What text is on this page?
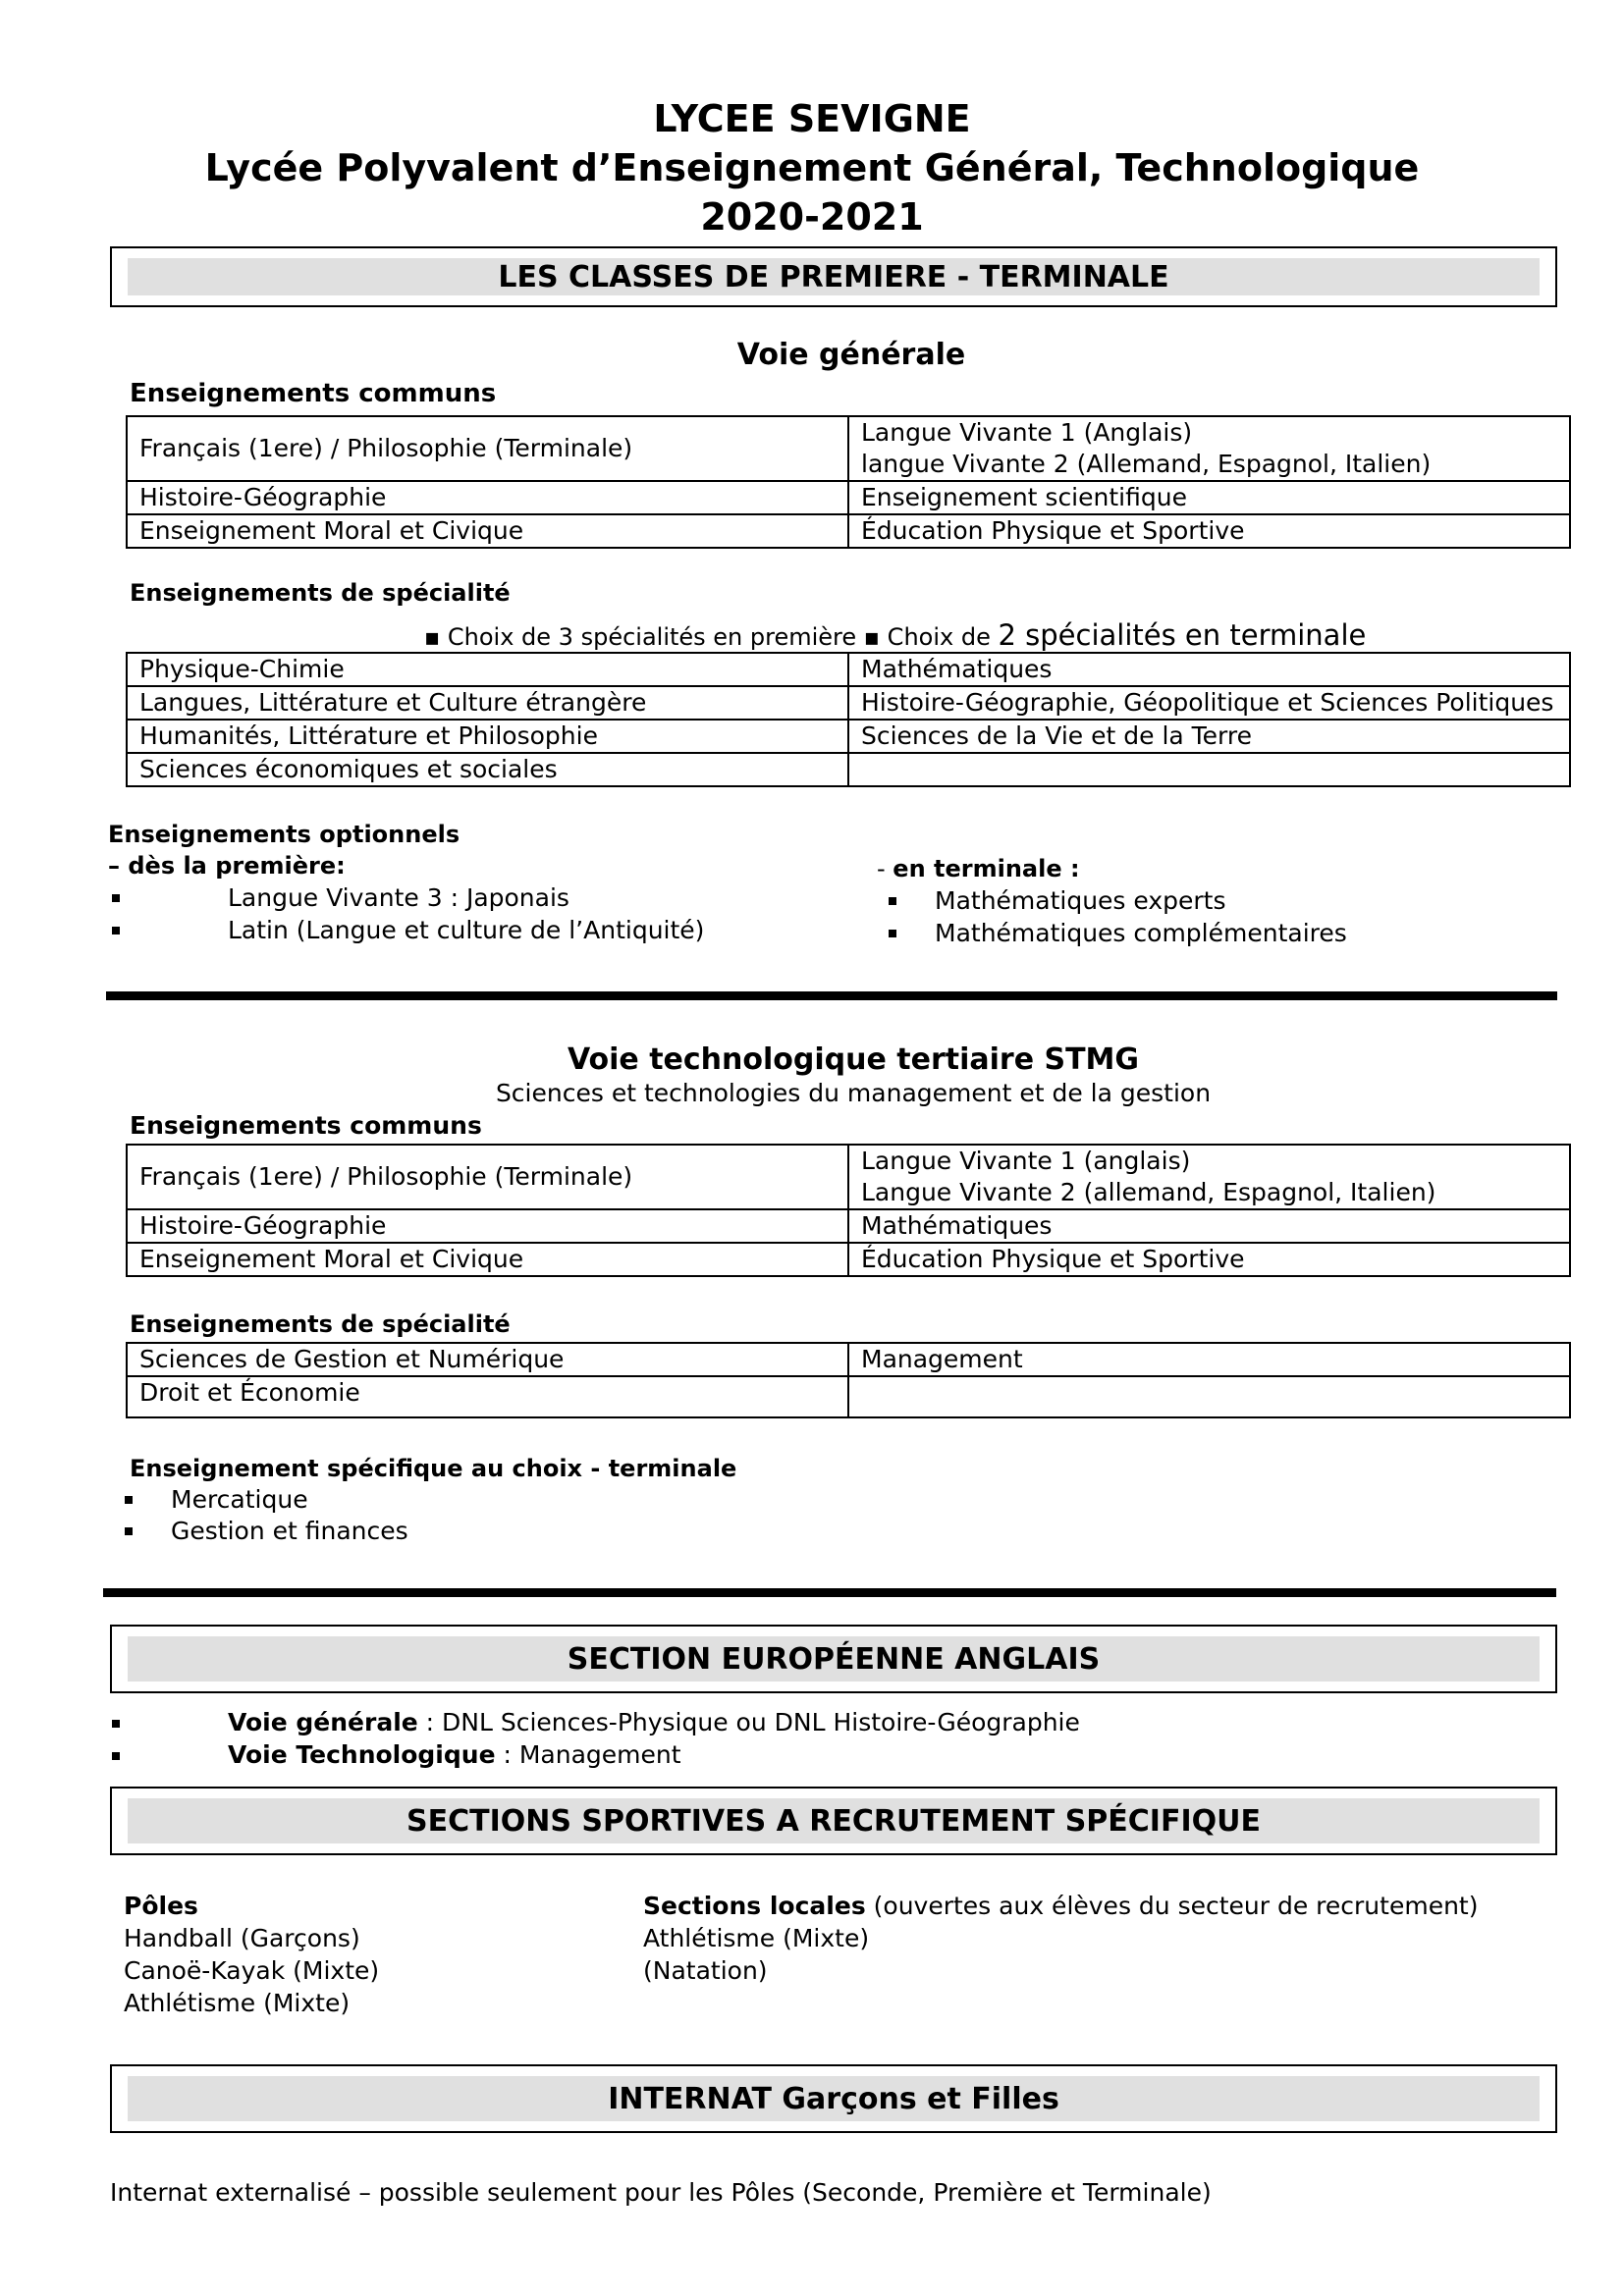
LYCEE SEVIGNE
Lycée Polyvalent d’Enseignement Général, Technologique
2020-2021
LES CLASSES DE PREMIERE - TERMINALE
Voie générale
Enseignements communs
Français (1ere) / Philosophie (Terminale)	Langue Vivante 1 (Anglais)
langue Vivante 2 (Allemand, Espagnol, Italien)

Histoire-Géographie	Enseignement scientifique
Enseignement Moral et Civique	Éducation Physique et Sportive
Enseignements de spécialité
▪ Choix de 3 spécialités en première ▪ Choix de 2 spécialités en terminale
Physique-Chimie	Mathématiques
Langues, Littérature et Culture étrangère	Histoire-Géographie, Géopolitique et Sciences Politiques
Humanités, Littérature et Philosophie	Sciences de la Vie et de la Terre
Sciences économiques et sociales	
Enseignements optionnels
– dès la première:
Langue Vivante 3 : Japonais
Latin (Langue et culture de l’Antiquité)
- en terminale :
Mathématiques experts
Mathématiques complémentaires
Voie technologique tertiaire STMG
Sciences et technologies du management et de la gestion
Enseignements communs
Français (1ere) / Philosophie (Terminale)	Langue Vivante 1 (anglais)
Langue Vivante 2 (allemand, Espagnol, Italien)

Histoire-Géographie	Mathématiques
Enseignement Moral et Civique	Éducation Physique et Sportive
Enseignements de spécialité
Sciences de Gestion et Numérique	Management
Droit et Économie	
Enseignement spécifique au choix - terminale
Mercatique
Gestion et finances
SECTION EUROPÉENNE ANGLAIS
Voie générale : DNL Sciences-Physique ou DNL Histoire-Géographie
Voie Technologique : Management
SECTIONS SPORTIVES A RECRUTEMENT SPÉCIFIQUE
Pôles
Handball (Garçons)
Canoë-Kayak (Mixte)
Athlétisme (Mixte)
Sections locales (ouvertes aux élèves du secteur de recrutement)
Athlétisme (Mixte)
(Natation)
INTERNAT Garçons et Filles
Internat externalisé – possible seulement pour les Pôles (Seconde, Première et Terminale)
